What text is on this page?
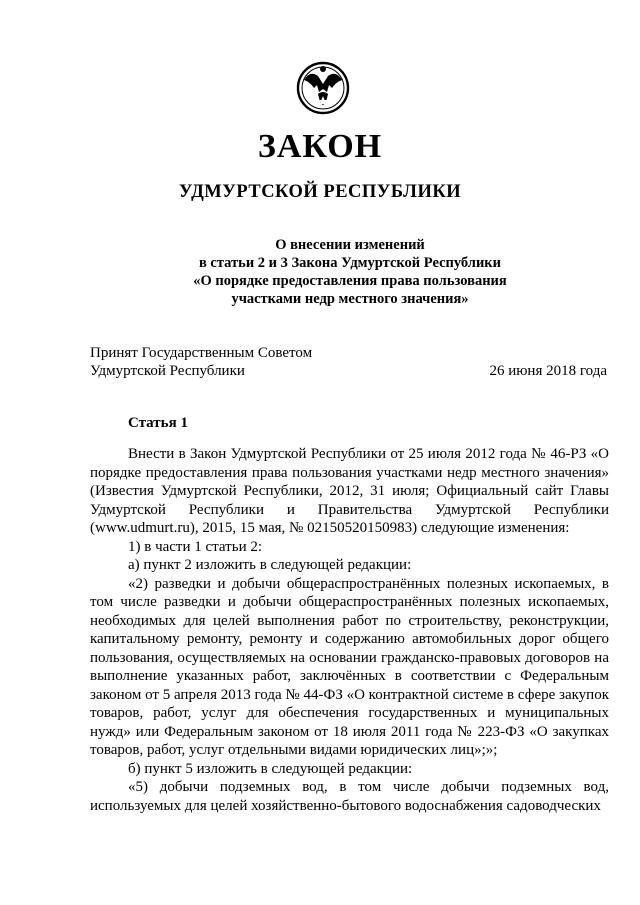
ЗАКОН
УДМУРТСКОЙ РЕСПУБЛИКИ
О внесении изменений
в статьи 2 и 3 Закона Удмуртской Республики
«О порядке предоставления права пользования
участками недр местного значения»
Принят Государственным Советом
Удмуртской Республики	26 июня 2018 года
Статья 1

Внести в Закон Удмуртской Республики от 25 июля 2012 года № 46-РЗ «О порядке предоставления права пользования участками недр местного значения» (Известия Удмуртской Республики, 2012, 31 июля; Официальный сайт Главы Удмуртской Республики и Правительства Удмуртской Республики (www.udmurt.ru), 2015, 15 мая, № 02150520150983) следующие изменения:

1) в части 1 статьи 2:

а) пункт 2 изложить в следующей редакции:

«2) разведки и добычи общераспространённых полезных ископаемых, в том числе разведки и добычи общераспространённых полезных ископаемых, необходимых для целей выполнения работ по строительству, реконструкции, капитальному ремонту, ремонту и содержанию автомобильных дорог общего пользования, осуществляемых на основании гражданско-правовых договоров на выполнение указанных работ, заключённых в соответствии с Федеральным законом от 5 апреля 2013 года № 44-ФЗ «О контрактной системе в сфере закупок товаров, работ, услуг для обеспечения государственных и муниципальных нужд» или Федеральным законом от 18 июля 2011 года № 223-ФЗ «О закупках товаров, работ, услуг отдельными видами юридических лиц»;»;

б) пункт 5 изложить в следующей редакции:

«5) добычи подземных вод, в том числе добычи подземных вод, используемых для целей хозяйственно-бытового водоснабжения садоводческих
